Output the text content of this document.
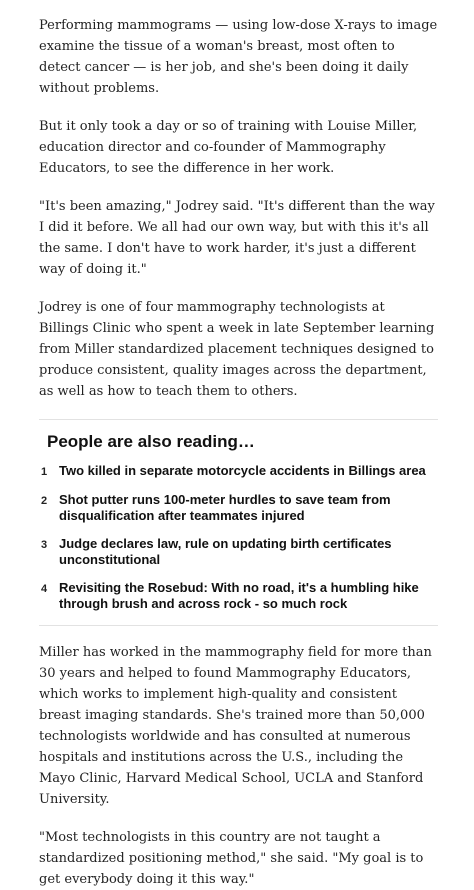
Performing mammograms — using low-dose X-rays to image examine the tissue of a woman's breast, most often to detect cancer — is her job, and she's been doing it daily without problems.

But it only took a day or so of training with Louise Miller, education director and co-founder of Mammography Educators, to see the difference in her work.

"It's been amazing," Jodrey said. "It's different than the way I did it before. We all had our own way, but with this it's all the same. I don't have to work harder, it's just a different way of doing it."

Jodrey is one of four mammography technologists at Billings Clinic who spent a week in late September learning from Miller standardized placement techniques designed to produce consistent, quality images across the department, as well as how to teach them to others.

People are also reading…
1 Two killed in separate motorcycle accidents in Billings area
2 Shot putter runs 100-meter hurdles to save team from disqualification after teammates injured
3 Judge declares law, rule on updating birth certificates unconstitutional
4 Revisiting the Rosebud: With no road, it's a humbling hike through brush and across rock - so much rock

Miller has worked in the mammography field for more than 30 years and helped to found Mammography Educators, which works to implement high-quality and consistent breast imaging standards. She's trained more than 50,000 technologists worldwide and has consulted at numerous hospitals and institutions across the U.S., including the Mayo Clinic, Harvard Medical School, UCLA and Stanford University.

"Most technologists in this country are not taught a standardized positioning method," she said. "My goal is to get everybody doing it this way."
